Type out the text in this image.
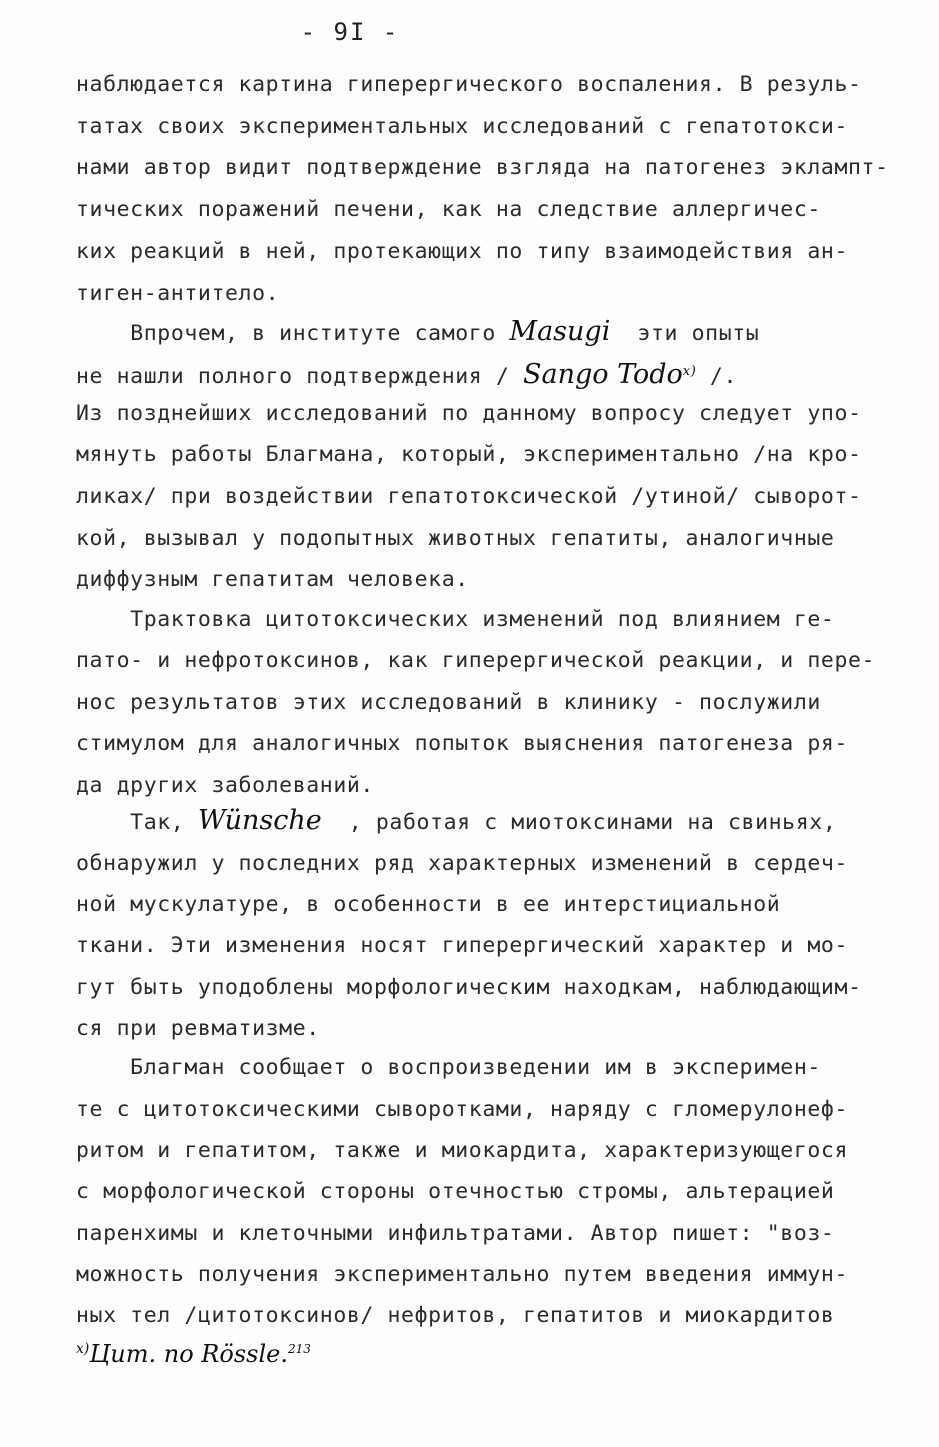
- 9I -
наблюдается картина гиперергического воспаления. В резуль-
татах своих экспериментальных исследований с гепатотокси-
нами автор видит подтверждение взгляда на патогенез эклампт-
тических поражений печени, как на следствие аллергичес-
ких реакций в ней, протекающих по типу взаимодействия ан-
тиген-антитело.
Впрочем, в институте самого Masugi  эти опыты
не нашли полного подтверждения / Sango Todo$^{x)}$ /.
Из позднейших исследований по данному вопросу следует упо-
мянуть работы Благмана, который, экспериментально /на кро-
ликах/ при воздействии гепатотоксической /утиной/ сыворот-
кой, вызывал у подопытных животных гепатиты, аналогичные
диффузным гепатитам человека.
Трактовка цитотоксических изменений под влиянием ге-
пато- и нефротоксинов, как гиперергической реакции, и пере-
нос результатов этих исследований в клинику - послужили
стимулом для аналогичных попыток выяснения патогенеза ря-
да других заболеваний.
Так, Wünsche  , работая с миотоксинами на свиньях,
обнаружил у последних ряд характерных изменений в сердеч-
ной мускулатуре, в особенности в ее интерстициальной
ткани. Эти изменения носят гиперергический характер и мо-
гут быть уподоблены морфологическим находкам, наблюдающим-
ся при ревматизме.
Благман сообщает о воспроизведении им в эксперимен-
те с цитотоксическими сыворотками, наряду с гломерулонеф-
ритом и гепатитом, также и миокардита, характеризующегося
с морфологической стороны отечностью стромы, альтерацией
паренхимы и клеточными инфильтратами. Автор пишет: "воз-
можность получения экспериментально путем введения иммун-
ных тел /цитотоксинов/ нефритов, гепатитов и миокардитов
$^{x)}$Цит. по Rössle.$^{213}$
